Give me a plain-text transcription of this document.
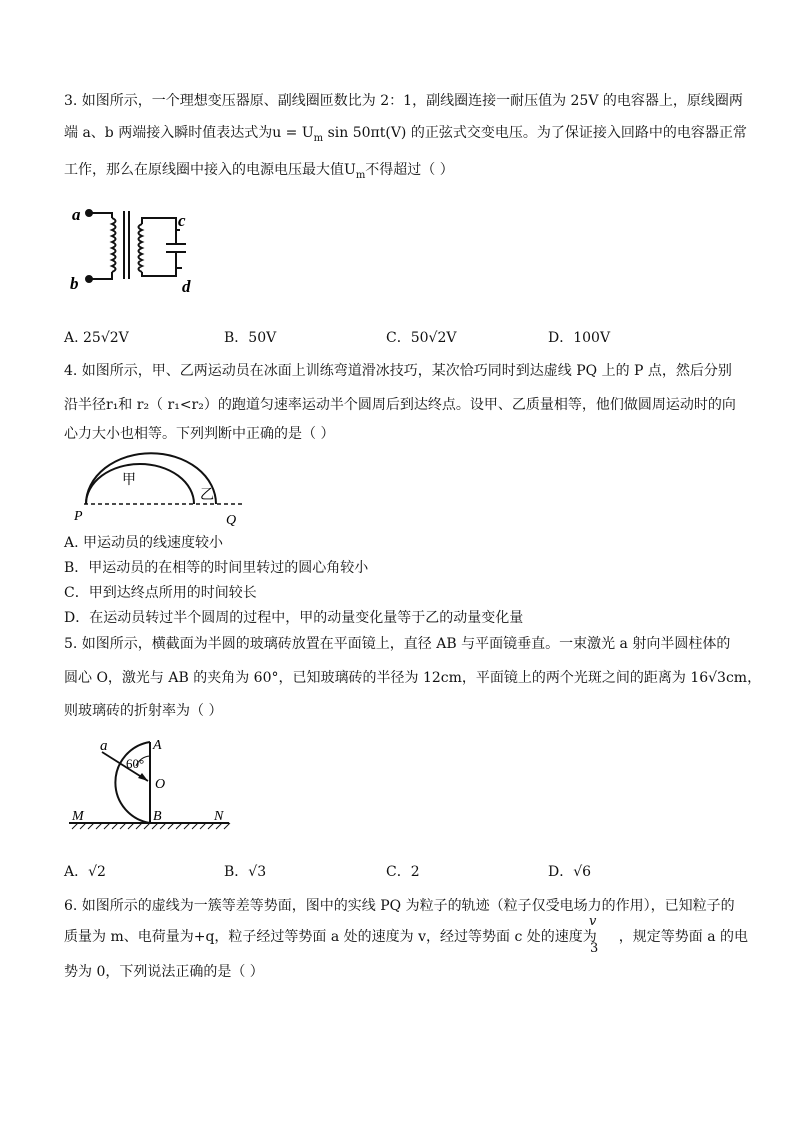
3. 如图所示，一个理想变压器原、副线圈匝数比为 2：1，副线圈连接一耐压值为 25V 的电容器上，原线圈两
端 a、b 两端接入瞬时值表达式为$u = U_m$ sin 50πt(V) 的正弦式交变电压。为了保证接入回路中的电容器正常
工作，那么在原线圈中接入的电源电压最大值$U_m$不得超过（ ）
a
b
c
d
A. 25√2V	B．50V	C．50√2V	D．100V
4. 如图所示，甲、乙两运动员在冰面上训练弯道滑冰技巧，某次恰巧同时到达虚线 PQ 上的 P 点，然后分别
沿半径r₁和 r₂（ r₁<r₂）的跑道匀速率运动半个圆周后到达终点。设甲、乙质量相等，他们做圆周运动时的向
心力大小也相等。下列判断中正确的是（ ）
甲
乙
P	Q
A. 甲运动员的线速度较小
B．甲运动员的在相等的时间里转过的圆心角较小
C．甲到达终点所用的时间较长
D．在运动员转过半个圆周的过程中，甲的动量变化量等于乙的动量变化量
5. 如图所示，横截面为半圆的玻璃砖放置在平面镜上，直径 AB 与平面镜垂直。一束激光 a 射向半圆柱体的
圆心 O，激光与 AB 的夹角为 60°，已知玻璃砖的半径为 12cm，平面镜上的两个光斑之间的距离为 16√3cm，
则玻璃砖的折射率为（ ）
a	A
60°
O
M	B	N
A．√2	B．√3	C．2	D．√6
6. 如图所示的虚线为一簇等差等势面，图中的实线 PQ 为粒子的轨迹（粒子仅受电场力的作用），已知粒子的
质量为 m、电荷量为+q，粒子经过等势面 a 处的速度为 v，经过等势面 c 处的速度为 ，规定等势面 a 的电
v
3
势为 0，下列说法正确的是（ ）
